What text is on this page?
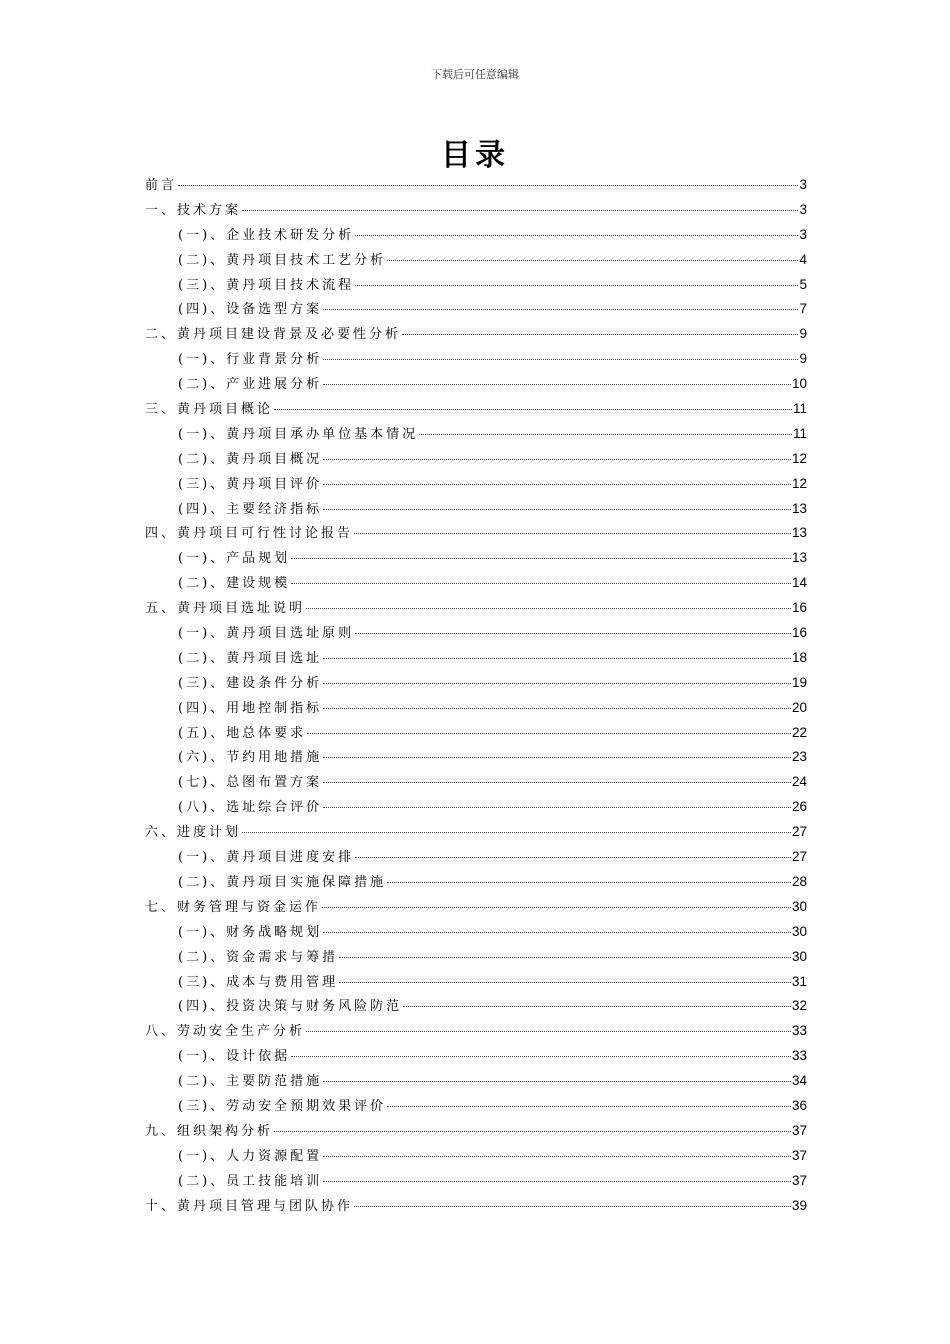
下载后可任意编辑
目录
前言	3
一、技术方案	3
(一)、企业技术研发分析	3
(二)、黄丹项目技术工艺分析	4
(三)、黄丹项目技术流程	5
(四)、设备选型方案	7
二、黄丹项目建设背景及必要性分析	9
(一)、行业背景分析	9
(二)、产业进展分析	10
三、黄丹项目概论	11
(一)、黄丹项目承办单位基本情况	11
(二)、黄丹项目概况	12
(三)、黄丹项目评价	12
(四)、主要经济指标	13
四、黄丹项目可行性讨论报告	13
(一)、产品规划	13
(二)、建设规模	14
五、黄丹项目选址说明	16
(一)、黄丹项目选址原则	16
(二)、黄丹项目选址	18
(三)、建设条件分析	19
(四)、用地控制指标	20
(五)、地总体要求	22
(六)、节约用地措施	23
(七)、总图布置方案	24
(八)、选址综合评价	26
六、进度计划	27
(一)、黄丹项目进度安排	27
(二)、黄丹项目实施保障措施	28
七、财务管理与资金运作	30
(一)、财务战略规划	30
(二)、资金需求与筹措	30
(三)、成本与费用管理	31
(四)、投资决策与财务风险防范	32
八、劳动安全生产分析	33
(一)、设计依据	33
(二)、主要防范措施	34
(三)、劳动安全预期效果评价	36
九、组织架构分析	37
(一)、人力资源配置	37
(二)、员工技能培训	37
十、黄丹项目管理与团队协作	39
